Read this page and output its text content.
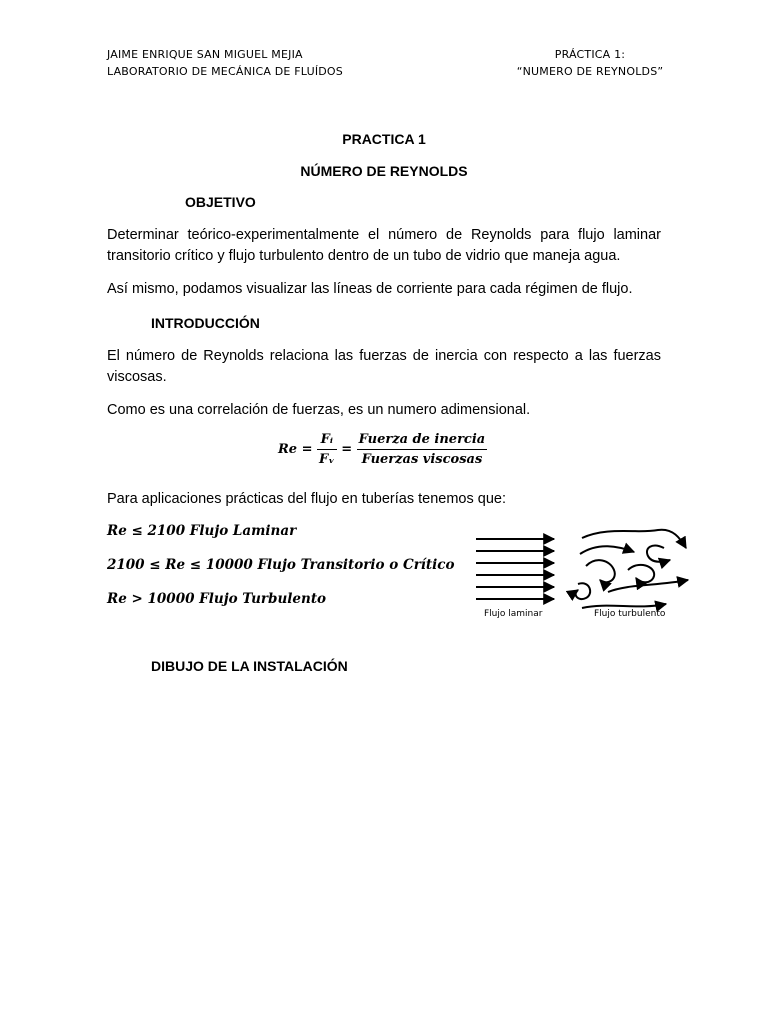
JAIME ENRIQUE SAN MIGUEL MEJIA
LABORATORIO DE MECÁNICA DE FLUÍDOS
PRÁCTICA 1:
“NUMERO DE REYNOLDS”
PRACTICA 1
NÚMERO DE REYNOLDS
OBJETIVO
Determinar teórico-experimentalmente el número de Reynolds para flujo laminar transitorio crítico y flujo turbulento dentro de un tubo de vidrio que maneja agua.
Así mismo, podamos visualizar las líneas de corriente para cada régimen de flujo.
INTRODUCCIÓN
El número de Reynolds relaciona las fuerzas de inercia con respecto a las fuerzas viscosas.
Como es una correlación de fuerzas, es un numero adimensional.
$Re = \frac{\text{Fᵢ}}{\text{Fᵥ}} = \frac{\text{Fuerza de inercia}}{\text{Fuerzas viscosas}}$
Para aplicaciones prácticas del flujo en tuberías tenemos que:
Re ≤ 2100 Flujo Laminar
2100 ≤ Re ≤ 10000 Flujo Transitorio o Crítico
Re > 10000 Flujo Turbulento
Flujo laminar	Flujo turbulento
DIBUJO DE LA INSTALACIÓN
